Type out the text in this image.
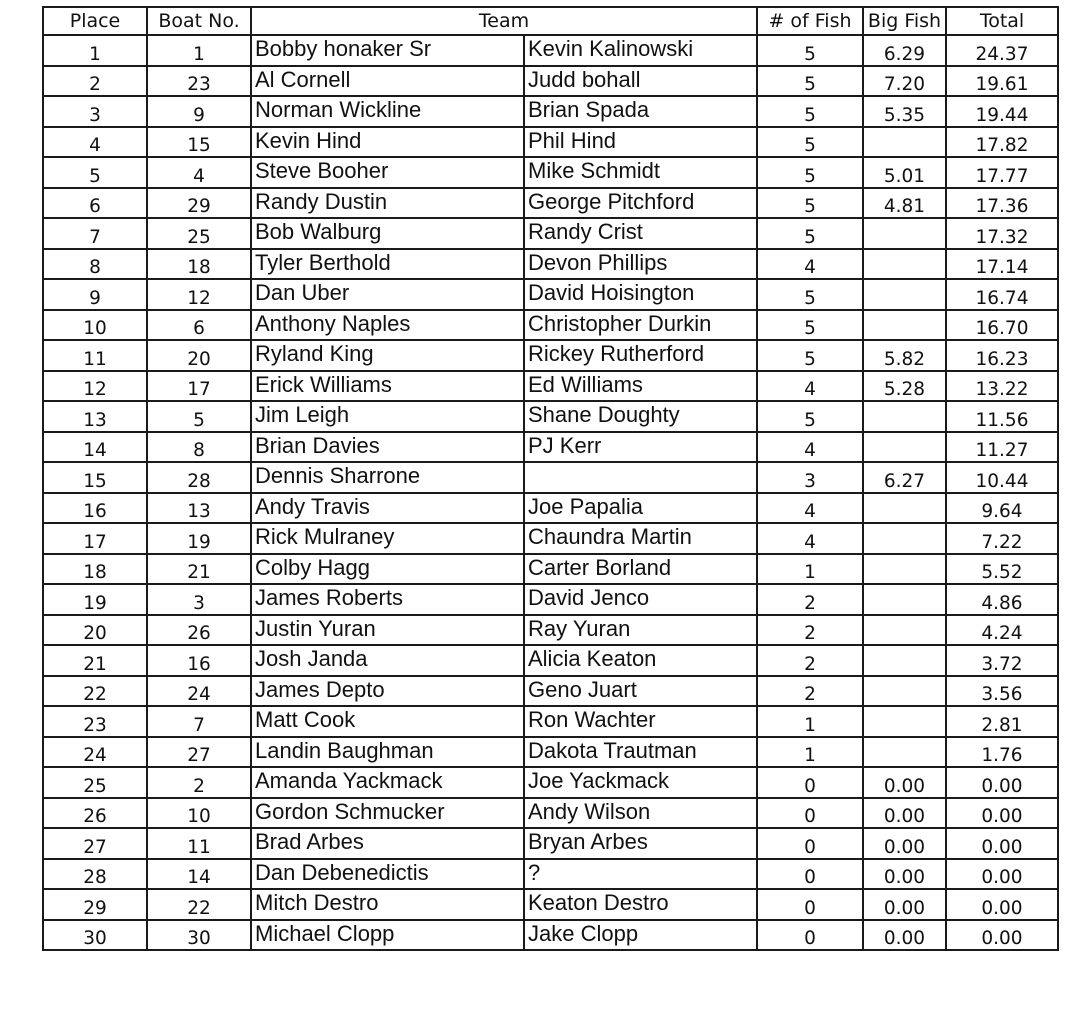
Place	Boat No.	Team		# of Fish	Big Fish	Total
1	1	Bobby honaker Sr	Kevin Kalinowski	5	6.29	24.37
2	23	Al Cornell	Judd bohall	5	7.20	19.61
3	9	Norman Wickline	Brian Spada	5	5.35	19.44
4	15	Kevin Hind	Phil Hind	5		17.82
5	4	Steve Booher	Mike Schmidt	5	5.01	17.77
6	29	Randy Dustin	George Pitchford	5	4.81	17.36
7	25	Bob Walburg	Randy Crist	5		17.32
8	18	Tyler Berthold	Devon Phillips	4		17.14
9	12	Dan Uber	David Hoisington	5		16.74
10	6	Anthony Naples	Christopher Durkin	5		16.70
11	20	Ryland King	Rickey Rutherford	5	5.82	16.23
12	17	Erick Williams	Ed Williams	4	5.28	13.22
13	5	Jim Leigh	Shane Doughty	5		11.56
14	8	Brian Davies	PJ Kerr	4		11.27
15	28	Dennis Sharrone		3	6.27	10.44
16	13	Andy Travis	Joe Papalia	4		9.64
17	19	Rick Mulraney	Chaundra Martin	4		7.22
18	21	Colby Hagg	Carter Borland	1		5.52
19	3	James Roberts	David Jenco	2		4.86
20	26	Justin Yuran	Ray Yuran	2		4.24
21	16	Josh Janda	Alicia Keaton	2		3.72
22	24	James Depto	Geno Juart	2		3.56
23	7	Matt Cook	Ron Wachter	1		2.81
24	27	Landin Baughman	Dakota Trautman	1		1.76
25	2	Amanda Yackmack	Joe Yackmack	0	0.00	0.00
26	10	Gordon Schmucker	Andy Wilson	0	0.00	0.00
27	11	Brad Arbes	Bryan Arbes	0	0.00	0.00
28	14	Dan Debenedictis	?	0	0.00	0.00
29	22	Mitch Destro	Keaton Destro	0	0.00	0.00
30	30	Michael Clopp	Jake Clopp	0	0.00	0.00
